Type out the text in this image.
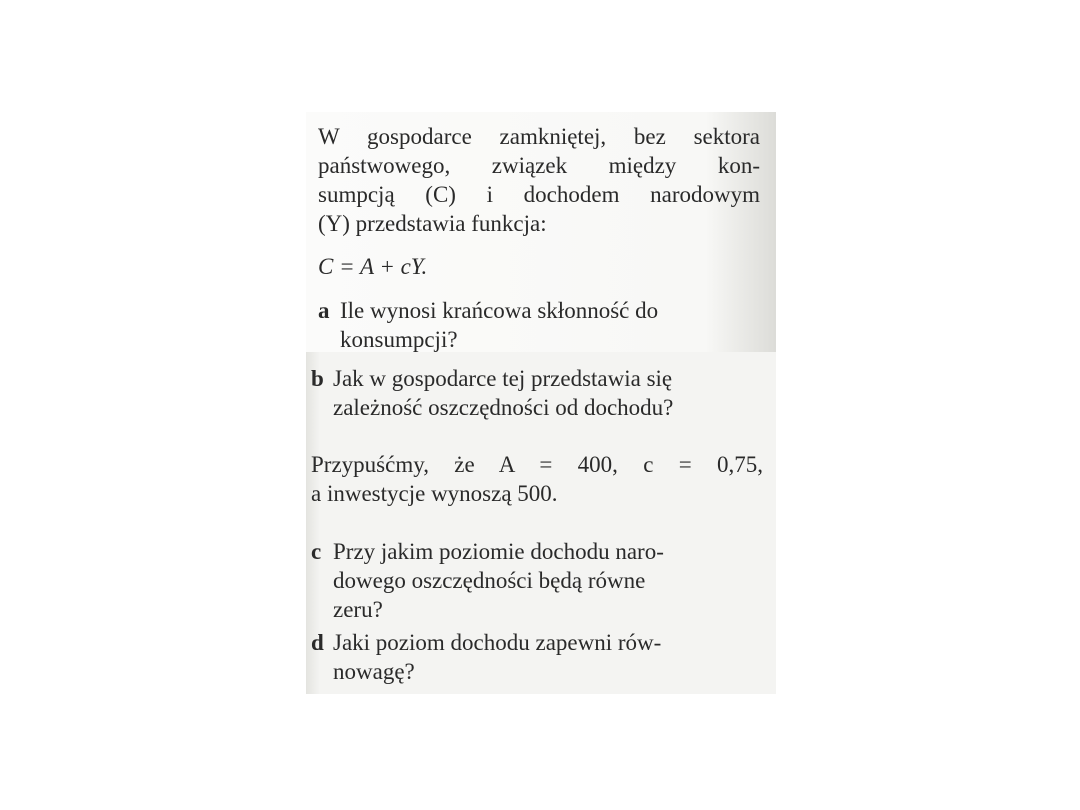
W gospodarce zamkniętej, bez sektora
państwowego, związek między kon-
sumpcją (C) i dochodem narodowym
(Y) przedstawia funkcja:
C = A + cY.
a Ile wynosi krańcowa skłonność do
konsumpcji?
b Jak w gospodarce tej przedstawia się
zależność oszczędności od dochodu?
Przypuśćmy, że A = 400, c = 0,75,
a inwestycje wynoszą 500.
c Przy jakim poziomie dochodu naro-
dowego oszczędności będą równe
zeru?
d Jaki poziom dochodu zapewni rów-
nowagę?
